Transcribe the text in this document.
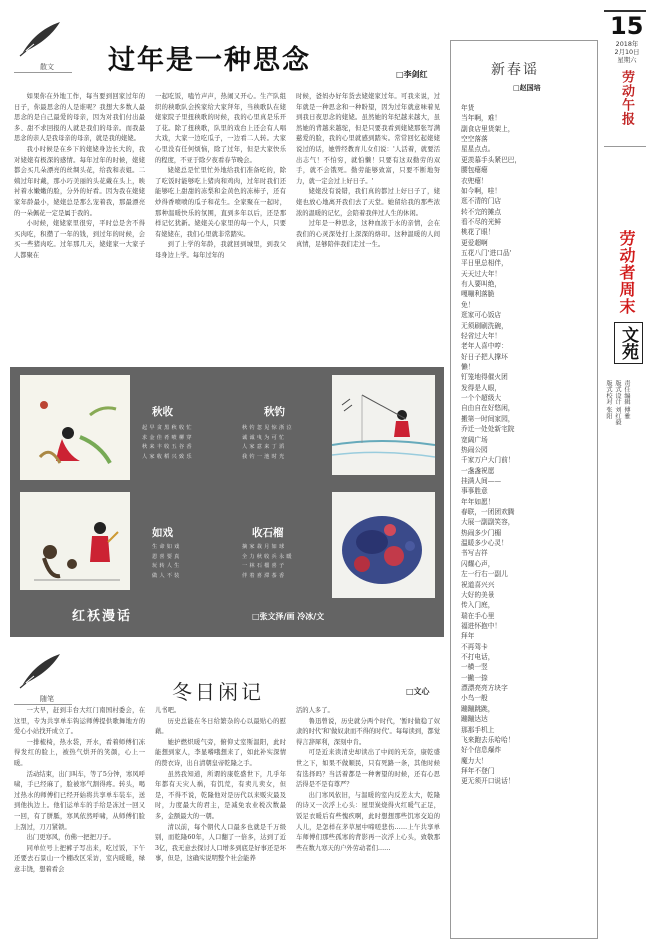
散文 过年是一种思念	□李剑红

如果你在外地工作，每当要到回家过年的日子，你最思念的人是谁呢？我想大多数人最思念的是自己最爱的母亲，因为对我们付出最多、甜不求回报的人就是我们的母亲。而我最思念的亲人是我母亲的母亲，就是我的姥姥。

我小时候是在乡下的姥姥身边长大的，我对姥姥有极深的感情。每年过年的时候，姥姥都会买几朵漂亮的丝绸头花，给我和表姐。二姨过年时戴，那小巧美丽的头花戴在头上，映衬着水嫩嫩的脸，分外的好看。因为我在姥姥家年龄最小，姥姥总是那么宠着我，那最漂亮的一朵佩花一定是属于我的。

小时候，姥姥家里很穷，平时总是舍不得买肉吃，积攒了一年的钱，到过年的时候，会买一些猪肉吃。过年那几天，姥姥家一大家子人都聚在

一起吃饭，嗑竹声声，热闹又开心。生产队组织的秧歌队会挨家给大家拜年，当秧歌队在姥姥家院子里扭秧歌的时候，我的心里真是乐开了花。除了扭秧歌，队里的戏台上还会有人唱大戏，大家一边吃瓜子，一边看二人转。大家心里没有任何烦恼，除了过年，但是大家快乐的程度，不亚于除夕夜看春节晚会。

姥姥总是忙里忙外地给我们准备吃的，除了吃饭时能够吃上猪肉和鸡肉，过年时我们还能够吃上甜甜的冻梨和金黄色的冻柿子，还有炒得香喷喷的瓜子和花生。全家聚在一起时，那种温暖快乐的氛围，直到多年以后，还是那样记忆犹新。姥姥关心家里的每一个人，只要有姥姥在，我们心里就非常踏实。

到了上学的年龄，我就回到城里，到我父母身边上学。每年过年的

时候，爸妈办好年货去姥姥家过年。可我来说，过年就是一种思念和一种盼望，因为过年就意味着见到我日夜思念的姥姥。虽然她的年纪越来越大，虽然她的背越来越驼，但是只要我看到姥姥那张写满慈爱的脸，我的心里就感到踏实。常常回忆起姥姥说过的话，她曾经教育儿女们说：'人活着，就要活出志气！不怕穷，就怕懒！只要有这双勤劳的双手，就不会饿死。勤劳能够致富，只要不断地努力，就一定会过上好日子。'

姥姥没有说错，我们真的都过上好日子了，姥姥也放心地离开我们去了天堂。她留给我的那些浓浓的温暖的记忆，会陪着我伴过人生的休闲。

过年是一种思念，这种血浓于水的亲情，会在我们的心灵深处打上深深的烙印。这种温暖的人间真情，足够陪伴我们走过一生。

秋收
起早贪黑秋收忙
求金佳肴喷柳穿
秋来丰收五谷香
人家收稻兴致乐
秋钓
秋钓忽见惊浙泣
诚诚曳为可忙
人家意来丁滔
我钓一池时光
如戏
生命如戏
恩喜要真
玩转人生
做人不装
收石榴
摘家栽月如球
全力秋收兵永暖
一林石榴喜子
伴着喜滞茶香
红袄漫话	□张文泽/画 冷冰/文
随笔	冬日闲记	□文心

一大早，赶到丰台大红门南国村委会，在这里，专为共享单车钩运师傅提供歌舞地方的爱心小站找开成立了。

一排梳椅，热水袋，开水，看着师傅们冻得发红的脸上，被热气烘开的笑颜，心上一暖。

活动结束，出门叫车，等了5分钟，寒风呼啸，手已经麻了，脸被寒气割得疼。转头，喝过热水的师傅们已经开始将共享单车装车，送到他执边上。他们运单车的手给是冻过一回又一回，有了胼胝，寒风依然呼啸，从师傅们脸上刮过，刀刀紧锁。

出门更寒风，仿佛一把把刀子。

同单位号上把裤子写出来，吃过饭，下午还要去石景山一个棚改区采访，室内暖暖，绿意丰饶，想着看会

儿书吧。

历史总能在冬日给繁杂的心以最贴心的慰藉。

她护燃炽暖气旁，俯仰丈室斯温阳，此时能想到家人，李显嗜哦想来了，如此补实深情的赘衣诗，出自清朝皇帝乾隆之手。

虽然我知道，所谓的康乾盛世下，几乎年年都有天灾人祸，有饥荒，有卖儿卖女，但是，不得不说，乾隆他对是历代以来贩灾最及时，力度最大的君主，是减免农业税次数最多，金额最大的一朝。

清以前，每个朝代人口最多也就是千万级别，而乾隆60年，人口翻了一倍多，达到了近3亿，我无意去探讨人口增多到底是好事还是坏事，但是，这确实说明整个社会能养

活的人多了。

鲁迅曾说，历史就分两个时代，'暂时做稳了奴隶的时代'和'做奴隶而不得的时代'。每每读到，都觉得言辞犀利，深刻中肯。

可是近来读清史却读出了中间的无奈，康乾盛世之下，如果不做顺民，只有死路一条，其他时候有选择吗？当活着都是一种奢望的时候，还有心思活得是不是有尊严？

出门寒风依旧，与温暖的室内反差太大，乾隆的诗又一次浮上心头：屋里炭烧得火红暖气正足，饭足衣暖后有些愧疚啊，此时想想那些饥寒交迫的人儿，是怎样在茅草屋中啼嗟悲伤……上午共享单车师傅们那些孤寒的背影再一次浮上心头，致敬那些在数九寒天的户外劳动者们……

新春谣
□赵国培
年货
当年啊，难！
副食店里货架上，
空空落落
星星点点。
更羡慕手头紧巴巴，
腰包瘪瘪
衣兜瘪！
如今啊，哇！
逛不清的门店
转不完的摊点
看不尽的光鲜
桃花了眼！
更爱超啊
五花八门'进口品'
平日里总相伴，
天天过大年！
有人要叫绝，
嘎嘣利落脆
免！
逛家可心饭店
无须刷刷洗碗，
轻省过大年！
老年人喜中哼：
好日子把人撑坏
懒！
钉笼地得催火团
发得是人眼，
一个个超级大
自由自在好悠闲，
搬第一时间家园，
乔迁一处处新宅院
宽阔广场
热闹公园
千家万户大门前！
一盏盏祝愿
挂满人间——
事事胜意
年年如愿！
春联，一团团欢腾
大展一副副笑容，
热闹多少门楣
温暖多少心灵！
书写吉祥
闪耀心声，
左一行右一副儿
祝道喜兴兴
大好的美景
传入门庭，
瑞在手心里
福进怀抱中！
拜年
不再驾卡
不打电话，
一横一竖
一撇一捺
漂漂亮亮方块字
小鸟一般
蹦蹦跳跳，
蹦蹦达达
那那手机上
飞来跑去乐哈哈！
好个信息爆炸
魔力大！
拜年不登门
更无须开口说话！
15
2018年
2月10日
星期六
劳动午报
劳动者周末
文苑
责任编辑 傅雅
版式设计 刘红毅
版式校对 张阳
